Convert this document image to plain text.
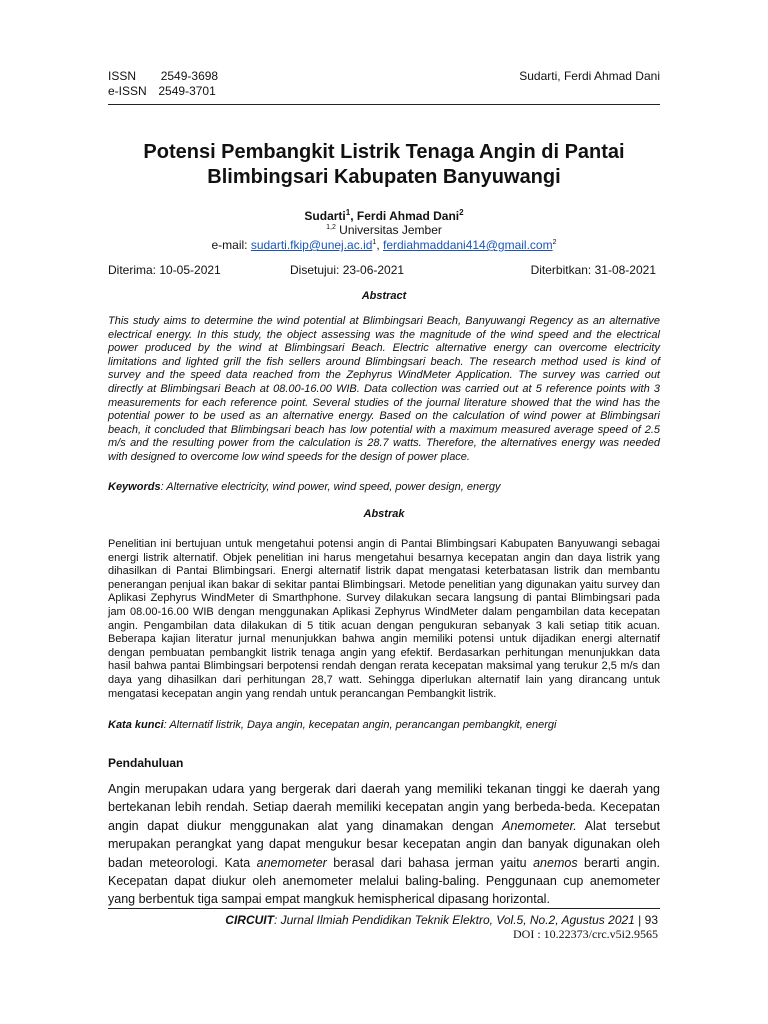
ISSN 2549-3698
e-ISSN 2549-3701
Sudarti, Ferdi Ahmad Dani
Potensi Pembangkit Listrik Tenaga Angin di Pantai
Blimbingsari Kabupaten Banyuwangi
Sudarti$^1$, Ferdi Ahmad Dani$^2$
$^{1,2}$ Universitas Jember
e-mail: $sudarti.fkip@unej.ac.id^1$, ferdiahmaddani414@gmail.com$^2$
Diterima: 10-05-2021	Disetujui: 23-06-2021	Diterbitkan: 31-08-2021
Abstract
This study aims to determine the wind potential at Blimbingsari Beach, Banyuwangi Regency as an alternative electrical energy. In this study, the object assessing was the magnitude of the wind speed and the electrical power produced by the wind at Blimbingsari Beach. Electric alternative energy can overcome electricity limitations and lighted grill the fish sellers around Blimbingsari beach. The research method used is kind of survey and the speed data reached from the Zephyrus WindMeter Application. The survey was carried out directly at Blimbingsari Beach at 08.00-16.00 WIB. Data collection was carried out at 5 reference points with 3 measurements for each reference point. Several studies of the journal literature showed that the wind has the potential power to be used as an alternative energy. Based on the calculation of wind power at Blimbingsari beach, it concluded that Blimbingsari beach has low potential with a maximum measured average speed of 2.5 m/s and the resulting power from the calculation is 28.7 watts. Therefore, the alternatives energy was needed with designed to overcome low wind speeds for the design of power place.
Keywords: Alternative electricity, wind power, wind speed, power design, energy
Abstrak
Penelitian ini bertujuan untuk mengetahui potensi angin di Pantai Blimbingsari Kabupaten Banyuwangi sebagai energi listrik alternatif. Objek penelitian ini harus mengetahui besarnya kecepatan angin dan daya listrik yang dihasilkan di Pantai Blimbingsari. Energi alternatif listrik dapat mengatasi keterbatasan listrik dan membantu penerangan penjual ikan bakar di sekitar pantai Blimbingsari. Metode penelitian yang digunakan yaitu survey dan Aplikasi Zephyrus WindMeter di Smarthphone. Survey dilakukan secara langsung di pantai Blimbingsari pada jam 08.00-16.00 WIB dengan menggunakan Aplikasi Zephyrus WindMeter dalam pengambilan data kecepatan angin. Pengambilan data dilakukan di 5 titik acuan dengan pengukuran sebanyak 3 kali setiap titik acuan. Beberapa kajian literatur jurnal menunjukkan bahwa angin memiliki potensi untuk dijadikan energi alternatif dengan pembuatan pembangkit listrik tenaga angin yang efektif. Berdasarkan perhitungan menunjukkan data hasil bahwa pantai Blimbingsari berpotensi rendah dengan rerata kecepatan maksimal yang terukur 2,5 m/s dan daya yang dihasilkan dari perhitungan 28,7 watt. Sehingga diperlukan alternatif lain yang dirancang untuk mengatasi kecepatan angin yang rendah untuk perancangan Pembangkit listrik.
Kata kunci: Alternatif listrik, Daya angin, kecepatan angin, perancangan pembangkit, energi
Pendahuluan
Angin merupakan udara yang bergerak dari daerah yang memiliki tekanan tinggi ke daerah yang bertekanan lebih rendah. Setiap daerah memiliki kecepatan angin yang berbeda-beda. Kecepatan angin dapat diukur menggunakan alat yang dinamakan dengan Anemometer. Alat tersebut merupakan perangkat yang dapat mengukur besar kecepatan angin dan banyak digunakan oleh badan meteorologi. Kata anemometer berasal dari bahasa jerman yaitu anemos berarti angin. Kecepatan dapat diukur oleh anemometer melalui baling-baling. Penggunaan cup anemometer yang berbentuk tiga sampai empat mangkuk hemispherical dipasang horizontal.
CIRCUIT: Jurnal Ilmiah Pendidikan Teknik Elektro, Vol.5, No.2, Agustus 2021 | 93
DOI : 10.22373/crc.v5i2.9565
